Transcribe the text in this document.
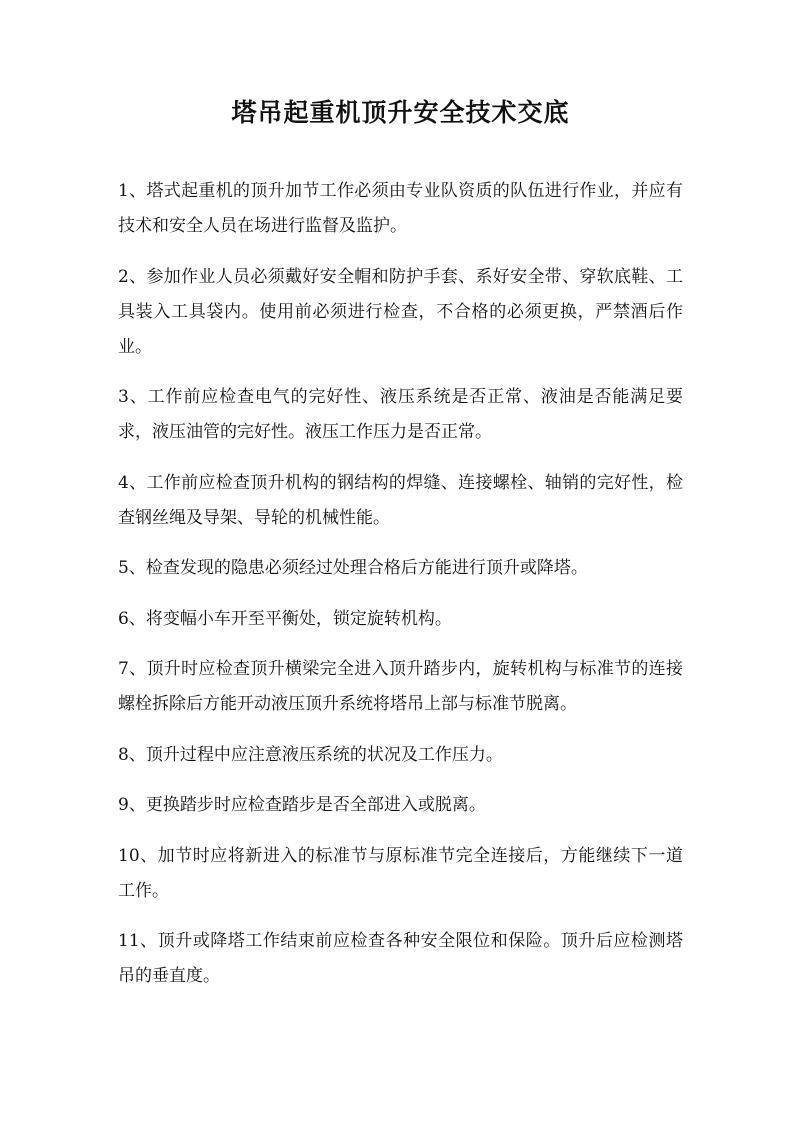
塔吊起重机顶升安全技术交底

1、塔式起重机的顶升加节工作必须由专业队资质的队伍进行作业，并应有技术和安全人员在场进行监督及监护。

2、参加作业人员必须戴好安全帽和防护手套、系好安全带、穿软底鞋、工具装入工具袋内。使用前必须进行检查，不合格的必须更换，严禁酒后作业。

3、工作前应检查电气的完好性、液压系统是否正常、液油是否能满足要求，液压油管的完好性。液压工作压力是否正常。

4、工作前应检查顶升机构的钢结构的焊缝、连接螺栓、轴销的完好性，检查钢丝绳及导架、导轮的机械性能。

5、检查发现的隐患必须经过处理合格后方能进行顶升或降塔。

6、将变幅小车开至平衡处，锁定旋转机构。

7、顶升时应检查顶升横梁完全进入顶升踏步内，旋转机构与标准节的连接螺栓拆除后方能开动液压顶升系统将塔吊上部与标准节脱离。

8、顶升过程中应注意液压系统的状况及工作压力。

9、更换踏步时应检查踏步是否全部进入或脱离。

10、加节时应将新进入的标准节与原标准节完全连接后，方能继续下一道工作。

11、顶升或降塔工作结束前应检查各种安全限位和保险。顶升后应检测塔吊的垂直度。
